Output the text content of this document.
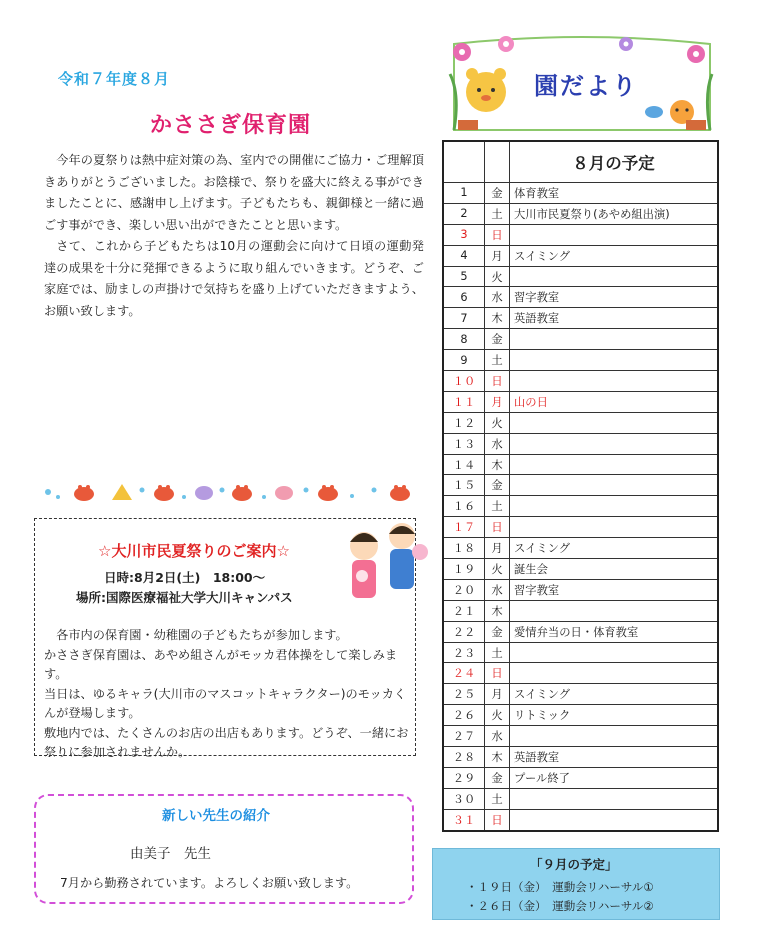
令和７年度８月
かささぎ保育園

今年の夏祭りは熱中症対策の為、室内での開催にご協力・ご理解頂きありがとうございました。お陰様で、祭りを盛大に終える事ができましたことに、感謝申し上げます。子どもたちも、親御様と一緒に過ごす事ができ、楽しい思い出ができたことと思います。

さて、これから子どもたちは10月の運動会に向けて日頃の運動発達の成果を十分に発揮できるように取り組んでいきます。どうぞ、ご家庭では、励ましの声掛けで気持ちを盛り上げていただきますよう、お願い致します。

☆大川市民夏祭りのご案内☆
日時:8月2日(土)　18:00～
場所:国際医療福祉大学大川キャンパス

　各市内の保育園・幼稚園の子どもたちが参加します。

かささぎ保育園は、あやめ組さんがモッカ君体操をして楽しみます。

当日は、ゆるキャラ(大川市のマスコットキャラクター)のモッカくんが登場します。

敷地内では、たくさんのお店の出店もあります。どうぞ、一緒にお祭りに参加されませんか。

新しい先生の紹介
由美子　先生
7月から勤務されています。よろしくお願い致します。
園だより
		８月の予定
1	金	体育教室
2	土	大川市民夏祭り(あやめ組出演)
3	日	
4	月	スイミング
5	火	
6	水	習字教室
7	木	英語教室
8	金	
9	土	
１０	日	
１１	月	山の日
１２	火	
１３	水	
１４	木	
１５	金	
１６	土	
１７	日	
１８	月	スイミング
１９	火	誕生会
２０	水	習字教室
２１	木	
２２	金	愛情弁当の日・体育教室
２３	土	
２４	日	
２５	月	スイミング
２６	火	リトミック
２７	水	
２８	木	英語教室
２９	金	プール終了
３０	土	
３１	日	
「９月の予定」
・１９日（金）　運動会リハーサル①
・２６日（金）　運動会リハーサル②
